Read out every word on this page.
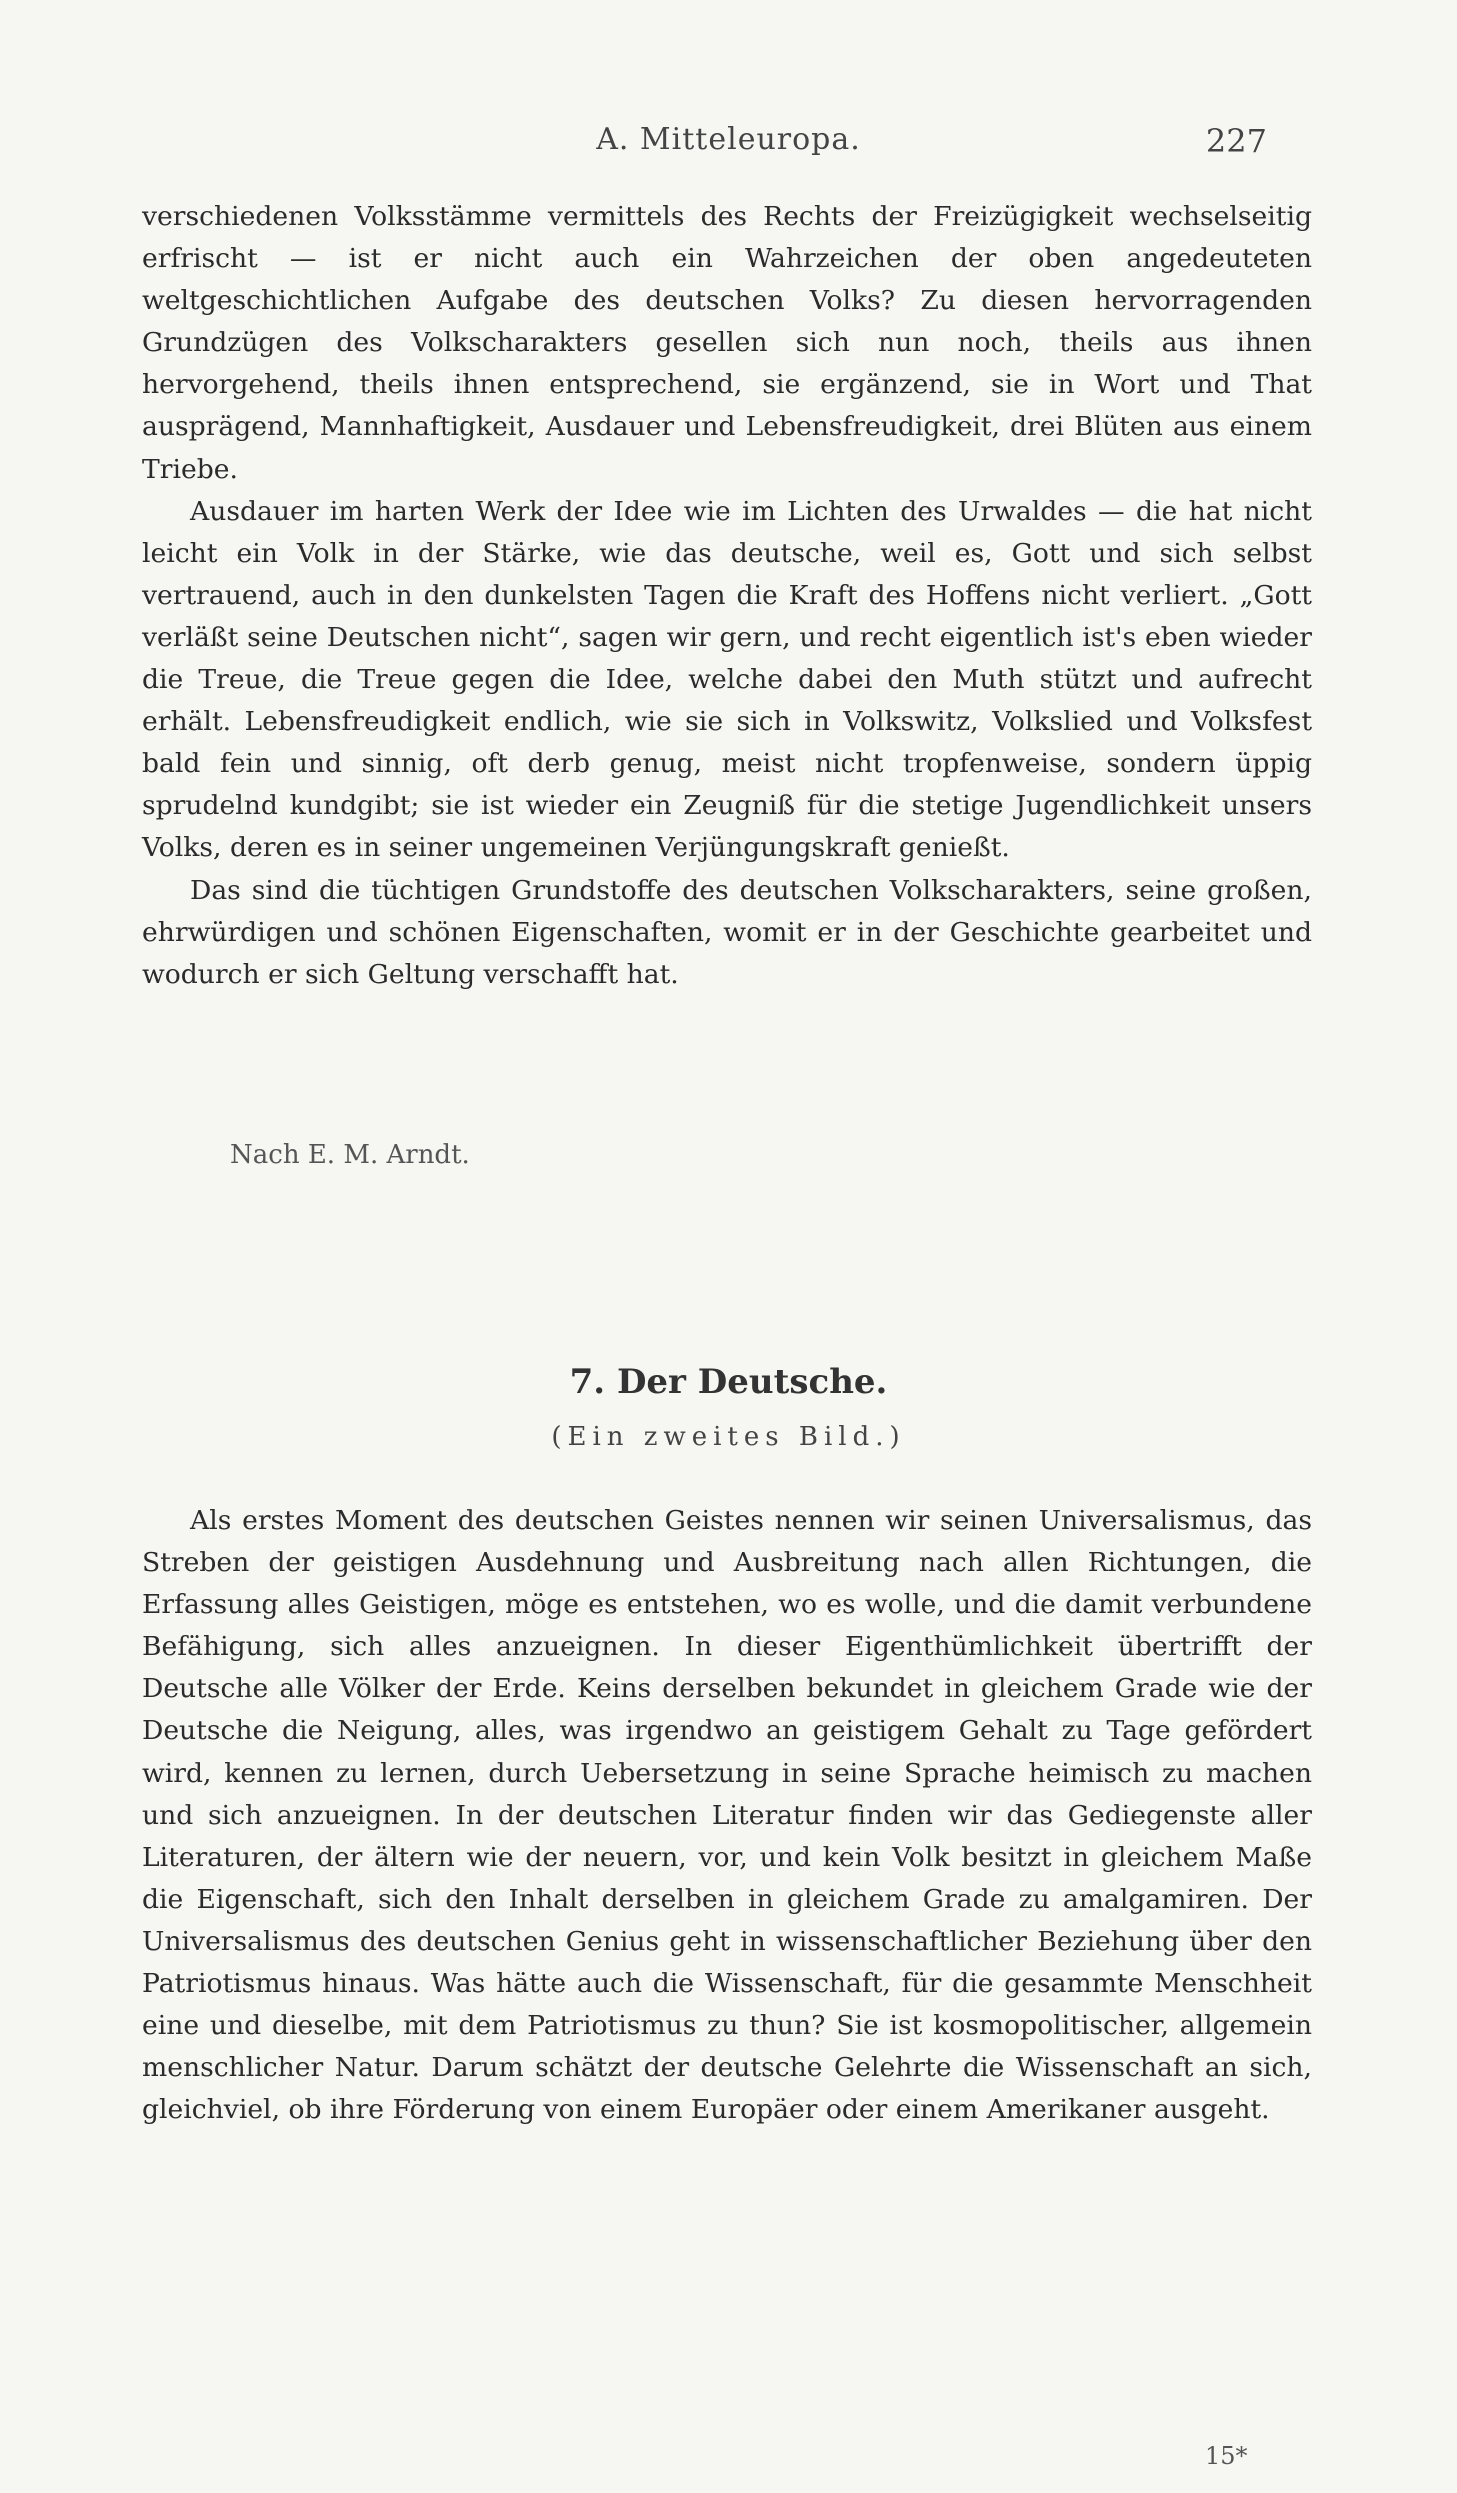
A. Mitteleuropa.	227

verschiedenen Volksstämme vermittels des Rechts der Freizügigkeit wechselseitig erfrischt — ist er nicht auch ein Wahrzeichen der oben angedeuteten weltgeschichtlichen Aufgabe des deutschen Volks? Zu diesen hervorragenden Grundzügen des Volkscharakters gesellen sich nun noch, theils aus ihnen hervorgehend, theils ihnen entsprechend, sie ergänzend, sie in Wort und That ausprägend, Mannhaftigkeit, Ausdauer und Lebensfreudigkeit, drei Blüten aus einem Triebe.

Ausdauer im harten Werk der Idee wie im Lichten des Urwaldes — die hat nicht leicht ein Volk in der Stärke, wie das deutsche, weil es, Gott und sich selbst vertrauend, auch in den dunkelsten Tagen die Kraft des Hoffens nicht verliert. „Gott verläßt seine Deutschen nicht“, sagen wir gern, und recht eigentlich ist's eben wieder die Treue, die Treue gegen die Idee, welche dabei den Muth stützt und aufrecht erhält. Lebensfreudigkeit endlich, wie sie sich in Volkswitz, Volkslied und Volksfest bald fein und sinnig, oft derb genug, meist nicht tropfenweise, sondern üppig sprudelnd kundgibt; sie ist wieder ein Zeugniß für die stetige Jugendlichkeit unsers Volks, deren es in seiner ungemeinen Verjüngungskraft genießt.

Das sind die tüchtigen Grundstoffe des deutschen Volkscharakters, seine großen, ehrwürdigen und schönen Eigenschaften, womit er in der Geschichte gearbeitet und wodurch er sich Geltung verschafft hat.

Nach E. M. Arndt.
7. Der Deutsche.
(Ein zweites Bild.)

Als erstes Moment des deutschen Geistes nennen wir seinen Universalismus, das Streben der geistigen Ausdehnung und Ausbreitung nach allen Richtungen, die Erfassung alles Geistigen, möge es entstehen, wo es wolle, und die damit verbundene Befähigung, sich alles anzueignen. In dieser Eigenthümlichkeit übertrifft der Deutsche alle Völker der Erde. Keins derselben bekundet in gleichem Grade wie der Deutsche die Neigung, alles, was irgendwo an geistigem Gehalt zu Tage gefördert wird, kennen zu lernen, durch Uebersetzung in seine Sprache heimisch zu machen und sich anzueignen. In der deutschen Literatur finden wir das Gediegenste aller Literaturen, der ältern wie der neuern, vor, und kein Volk besitzt in gleichem Maße die Eigenschaft, sich den Inhalt derselben in gleichem Grade zu amalgamiren. Der Universalismus des deutschen Genius geht in wissenschaftlicher Beziehung über den Patriotismus hinaus. Was hätte auch die Wissenschaft, für die gesammte Menschheit eine und dieselbe, mit dem Patriotismus zu thun? Sie ist kosmopolitischer, allgemein menschlicher Natur. Darum schätzt der deutsche Gelehrte die Wissenschaft an sich, gleichviel, ob ihre Förderung von einem Europäer oder einem Amerikaner ausgeht.

15*
